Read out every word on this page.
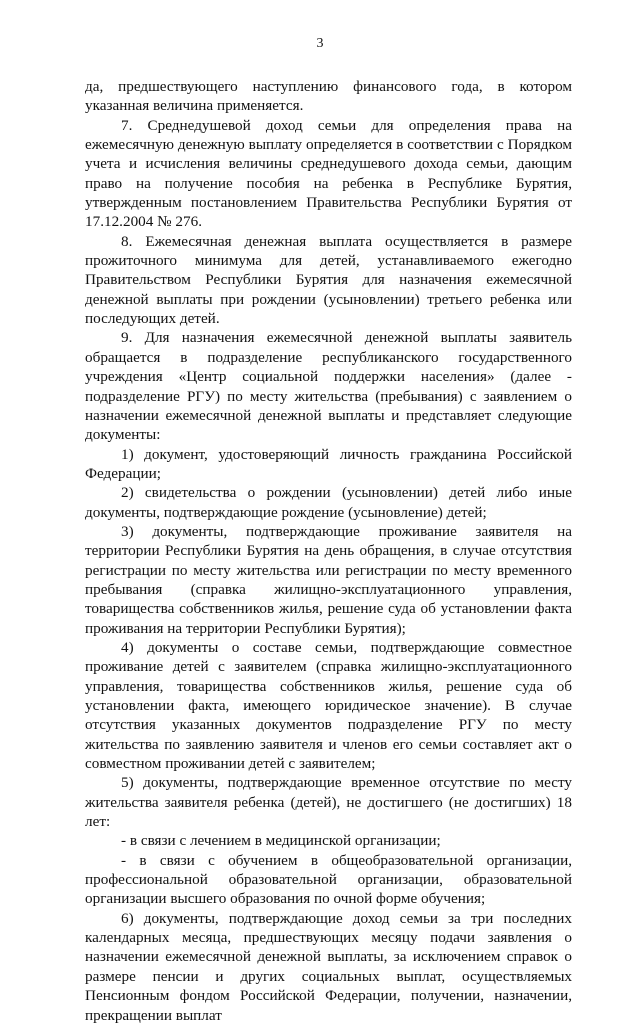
3

да, предшествующего наступлению финансового года, в котором указанная величина применяется.

7. Среднедушевой доход семьи для определения права на ежемесячную денежную выплату определяется в соответствии с Порядком учета и исчисления величины среднедушевого дохода семьи, дающим право на получение пособия на ребенка в Республике Бурятия, утвержденным постановлением Правительства Республики Бурятия от 17.12.2004 № 276.

8. Ежемесячная денежная выплата осуществляется в размере прожиточного минимума для детей, устанавливаемого ежегодно Правительством Республики Бурятия для назначения ежемесячной денежной выплаты при рождении (усыновлении) третьего ребенка или последующих детей.

9. Для назначения ежемесячной денежной выплаты заявитель обращается в подразделение республиканского государственного учреждения «Центр социальной поддержки населения» (далее - подразделение РГУ) по месту жительства (пребывания) с заявлением о назначении ежемесячной денежной выплаты и представляет следующие документы:

1) документ, удостоверяющий личность гражданина Российской Федерации;

2) свидетельства о рождении (усыновлении) детей либо иные документы, подтверждающие рождение (усыновление) детей;

3) документы, подтверждающие проживание заявителя на территории Республики Бурятия на день обращения, в случае отсутствия регистрации по месту жительства или регистрации по месту временного пребывания (справка жилищно-эксплуатационного управления, товарищества собственников жилья, решение суда об установлении факта проживания на территории Республики Бурятия);

4) документы о составе семьи, подтверждающие совместное проживание детей с заявителем (справка жилищно-эксплуатационного управления, товарищества собственников жилья, решение суда об установлении факта, имеющего юридическое значение). В случае отсутствия указанных документов подразделение РГУ по месту жительства по заявлению заявителя и членов его семьи составляет акт о совместном проживании детей с заявителем;

5) документы, подтверждающие временное отсутствие по месту жительства заявителя ребенка (детей), не достигшего (не достигших) 18 лет:

- в связи с лечением в медицинской организации;

- в связи с обучением в общеобразовательной организации, профессиональной образовательной организации, образовательной организации высшего образования по очной форме обучения;

6) документы, подтверждающие доход семьи за три последних календарных месяца, предшествующих месяцу подачи заявления о назначении ежемесячной денежной выплаты, за исключением справок о размере пенсии и других социальных выплат, осуществляемых Пенсионным фондом Российской Федерации, получении, назначении, прекращении выплат
